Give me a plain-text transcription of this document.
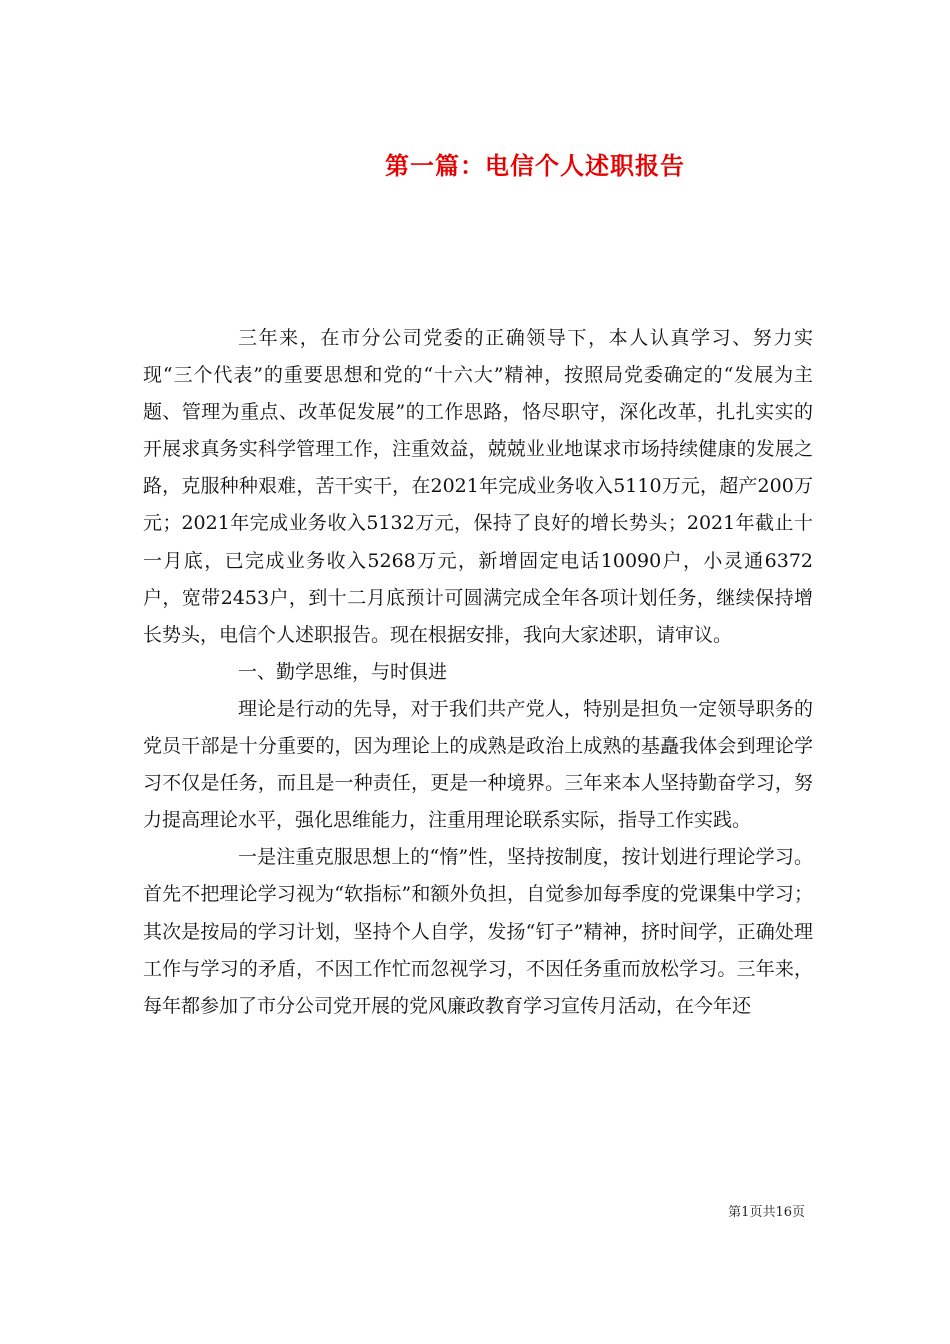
第一篇：电信个人述职报告

三年来，在市分公司党委的正确领导下，本人认真学习、努力实现“三个代表”的重要思想和党的“十六大”精神，按照局党委确定的“发展为主题、管理为重点、改革促发展”的工作思路，恪尽职守，深化改革，扎扎实实的开展求真务实科学管理工作，注重效益，兢兢业业地谋求市场持续健康的发展之路，克服种种艰难，苦干实干，在2021年完成业务收入5110万元，超产200万元；2021年完成业务收入5132万元，保持了良好的增长势头；2021年截止十一月底，已完成业务收入5268万元，新增固定电话10090户，小灵通6372户，宽带2453户，到十二月底预计可圆满完成全年各项计划任务，继续保持增长势头，电信个人述职报告。现在根据安排，我向大家述职，请审议。

一、勤学思维，与时俱进

理论是行动的先导，对于我们共产党人，特别是担负一定领导职务的党员干部是十分重要的，因为理论上的成熟是政治上成熟的基矗我体会到理论学习不仅是任务，而且是一种责任，更是一种境界。三年来本人坚持勤奋学习，努力提高理论水平，强化思维能力，注重用理论联系实际，指导工作实践。

一是注重克服思想上的“惰”性，坚持按制度，按计划进行理论学习。首先不把理论学习视为“软指标”和额外负担，自觉参加每季度的党课集中学习；其次是按局的学习计划，坚持个人自学，发扬“钉子”精神，挤时间学，正确处理工作与学习的矛盾，不因工作忙而忽视学习，不因任务重而放松学习。三年来，每年都参加了市分公司党开展的党风廉政教育学习宣传月活动，在今年还

第1页共16页
